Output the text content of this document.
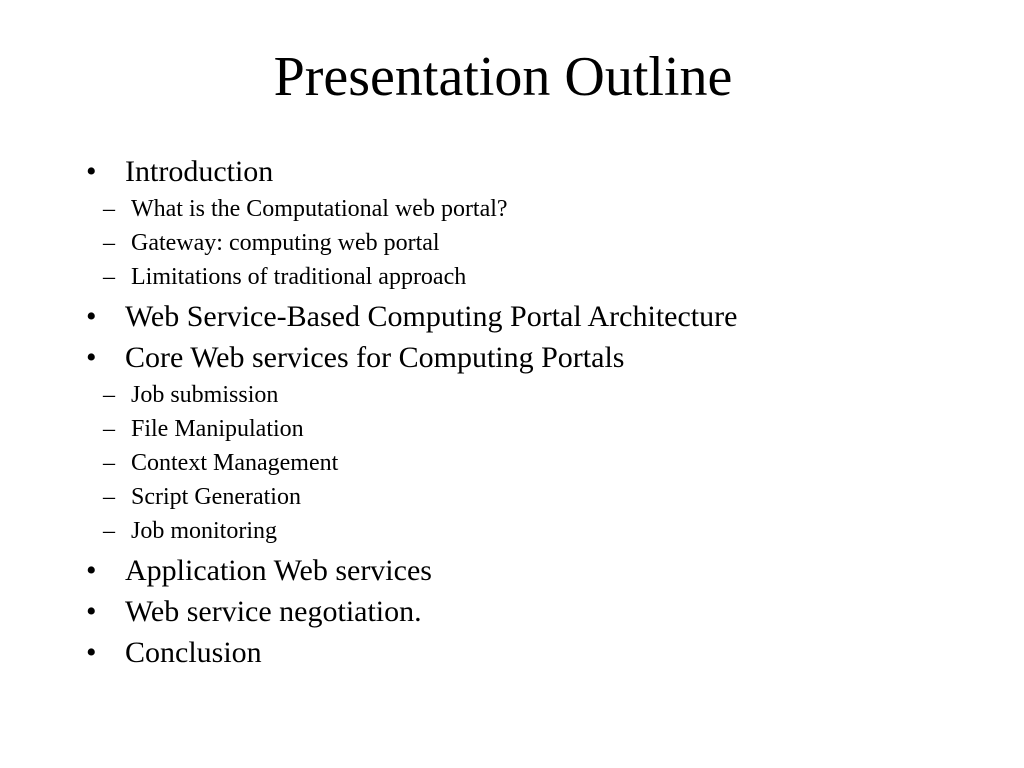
Presentation Outline
• Introduction
– What is the Computational web portal?
– Gateway: computing web portal
– Limitations of traditional approach
• Web Service-Based Computing Portal Architecture
• Core Web services for Computing Portals
– Job submission
– File Manipulation
– Context Management
– Script Generation
– Job monitoring
• Application Web services
• Web service negotiation.
• Conclusion
